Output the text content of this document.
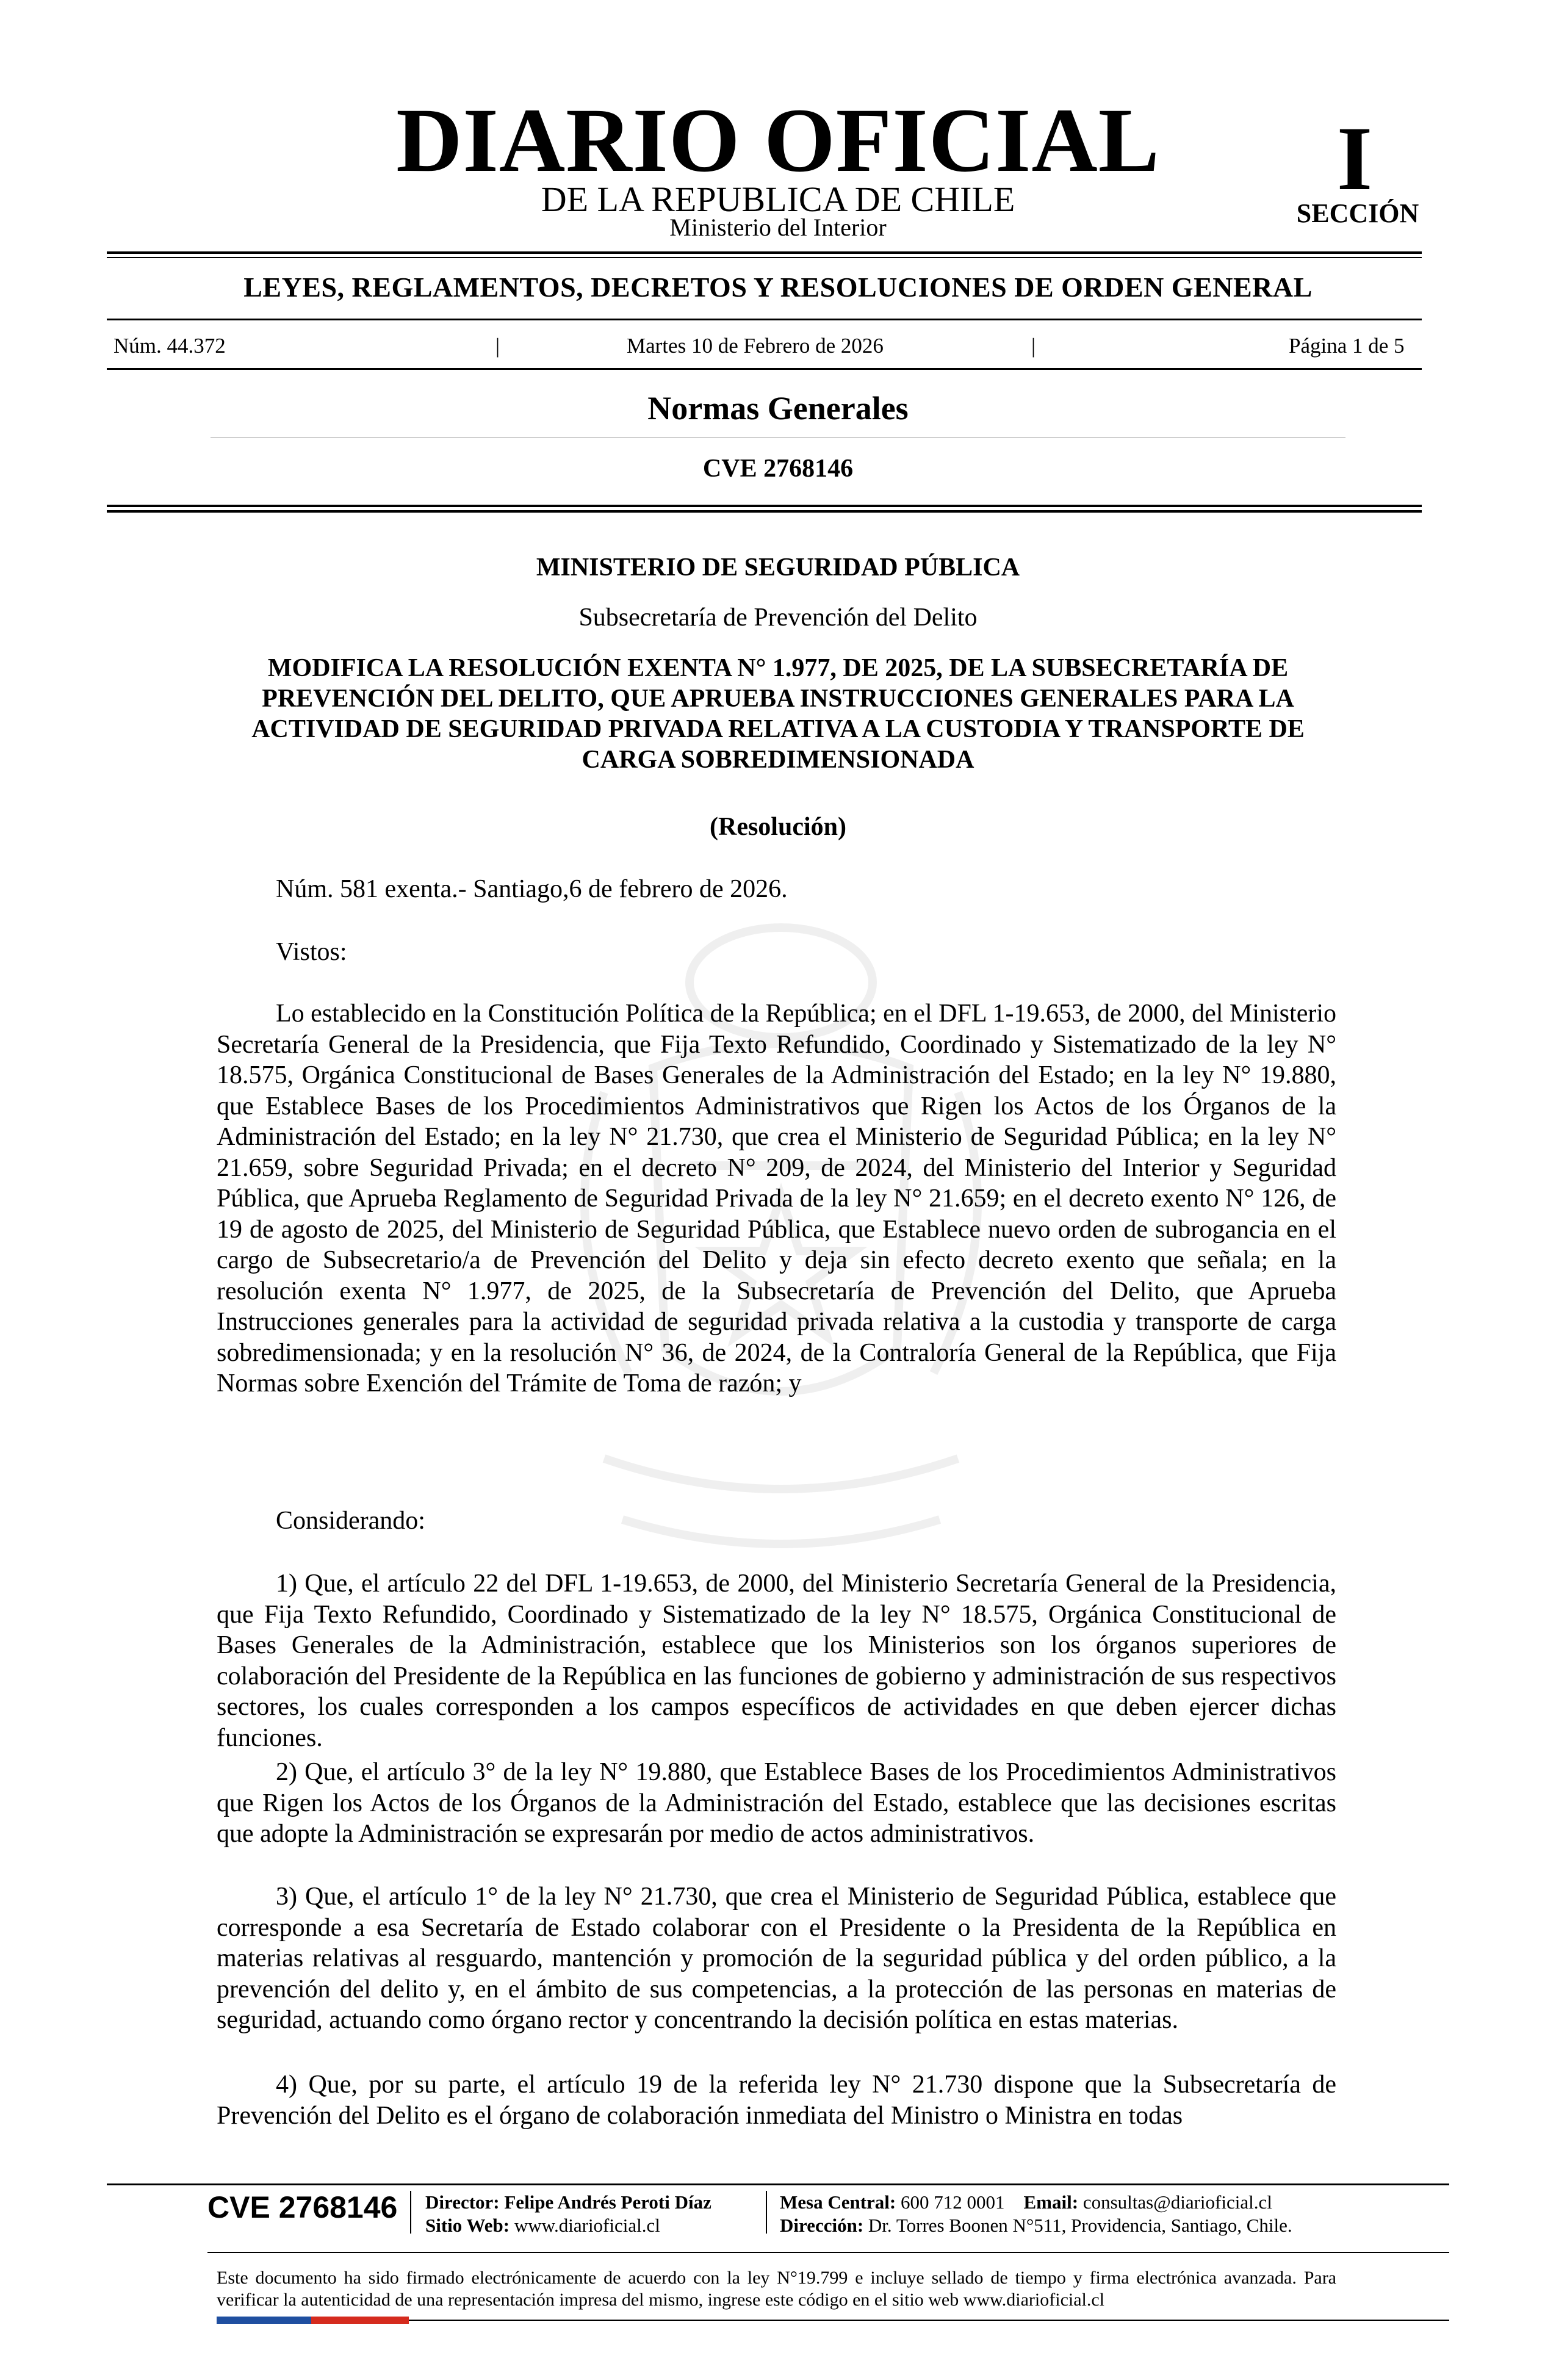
DIARIO OFICIAL
DE LA REPUBLICA DE CHILE
Ministerio del Interior
I
SECCIÓN
LEYES, REGLAMENTOS, DECRETOS Y RESOLUCIONES DE ORDEN GENERAL
Núm. 44.372	|	Martes 10 de Febrero de 2026	|	Página 1 de 5
Normas Generales
CVE 2768146
MINISTERIO DE SEGURIDAD PÚBLICA
Subsecretaría de Prevención del Delito
MODIFICA LA RESOLUCIÓN EXENTA N° 1.977, DE 2025, DE LA SUBSECRETARÍA DE PREVENCIÓN DEL DELITO, QUE APRUEBA INSTRUCCIONES GENERALES PARA LA ACTIVIDAD DE SEGURIDAD PRIVADA RELATIVA A LA CUSTODIA Y TRANSPORTE DE CARGA SOBREDIMENSIONADA
(Resolución)
Núm. 581 exenta.- Santiago,6 de febrero de 2026.
Vistos:
Lo establecido en la Constitución Política de la República; en el DFL 1-19.653, de 2000, del Ministerio Secretaría General de la Presidencia, que Fija Texto Refundido, Coordinado y Sistematizado de la ley N° 18.575, Orgánica Constitucional de Bases Generales de la Administración del Estado; en la ley N° 19.880, que Establece Bases de los Procedimientos Administrativos que Rigen los Actos de los Órganos de la Administración del Estado; en la ley N° 21.730, que crea el Ministerio de Seguridad Pública; en la ley N° 21.659, sobre Seguridad Privada; en el decreto N° 209, de 2024, del Ministerio del Interior y Seguridad Pública, que Aprueba Reglamento de Seguridad Privada de la ley N° 21.659; en el decreto exento N° 126, de 19 de agosto de 2025, del Ministerio de Seguridad Pública, que Establece nuevo orden de subrogancia en el cargo de Subsecretario/a de Prevención del Delito y deja sin efecto decreto exento que señala; en la resolución exenta N° 1.977, de 2025, de la Subsecretaría de Prevención del Delito, que Aprueba Instrucciones generales para la actividad de seguridad privada relativa a la custodia y transporte de carga sobredimensionada; y en la resolución N° 36, de 2024, de la Contraloría General de la República, que Fija Normas sobre Exención del Trámite de Toma de razón; y
Considerando:
1) Que, el artículo 22 del DFL 1-19.653, de 2000, del Ministerio Secretaría General de la Presidencia, que Fija Texto Refundido, Coordinado y Sistematizado de la ley N° 18.575, Orgánica Constitucional de Bases Generales de la Administración, establece que los Ministerios son los órganos superiores de colaboración del Presidente de la República en las funciones de gobierno y administración de sus respectivos sectores, los cuales corresponden a los campos específicos de actividades en que deben ejercer dichas funciones.
2) Que, el artículo 3° de la ley N° 19.880, que Establece Bases de los Procedimientos Administrativos que Rigen los Actos de los Órganos de la Administración del Estado, establece que las decisiones escritas que adopte la Administración se expresarán por medio de actos administrativos.
3) Que, el artículo 1° de la ley N° 21.730, que crea el Ministerio de Seguridad Pública, establece que corresponde a esa Secretaría de Estado colaborar con el Presidente o la Presidenta de la República en materias relativas al resguardo, mantención y promoción de la seguridad pública y del orden público, a la prevención del delito y, en el ámbito de sus competencias, a la protección de las personas en materias de seguridad, actuando como órgano rector y concentrando la decisión política en estas materias.
4) Que, por su parte, el artículo 19 de la referida ley N° 21.730 dispone que la Subsecretaría de Prevención del Delito es el órgano de colaboración inmediata del Ministro o Ministra en todas
CVE 2768146 Director: Felipe Andrés Peroti Díaz
Sitio Web: www.diarioficial.cl
Mesa Central: 600 712 0001 Email: consultas@diarioficial.cl
Dirección: Dr. Torres Boonen N°511, Providencia, Santiago, Chile.
Este documento ha sido firmado electrónicamente de acuerdo con la ley N°19.799 e incluye sellado de tiempo y firma electrónica avanzada. Para verificar la autenticidad de una representación impresa del mismo, ingrese este código en el sitio web www.diarioficial.cl
